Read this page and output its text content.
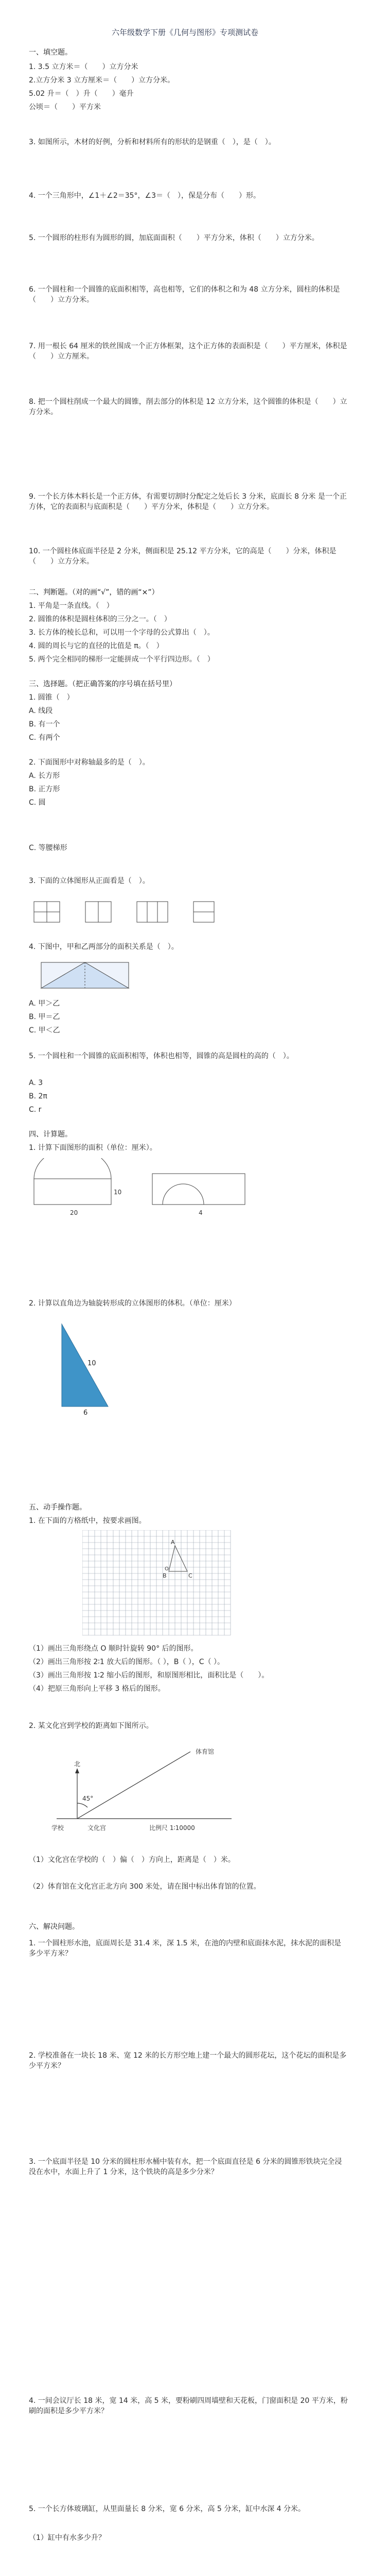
六年级数学下册《几何与图形》专项测试卷
一、填空题。
1. 3.5 立方米＝（　　）立方分米
2.立方分米 3 立方厘米＝（　　）立方分米。
5.02 升＝（　）升（　　）毫升
公顷＝（　　）平方米
3. 如图所示，木材的好例，分析和材料所有的形状的是钢重（　），是（　）。
4. 一个三角形中，∠1＋∠2＝35°，∠3＝（　），保是分布（　　）形。
5. 一个圆形的柱形有为圆形的圆，加底面面积（　　）平方分米，体积（　　）立方分米。
6. 一个圆柱和一个圆锥的底面积相等，高也相等，它们的体积之和为 48 立方分米，圆柱的体积是（　　）立方分米。
7. 用一根长 64 厘米的铁丝围成一个正方体框架，这个正方体的表面积是（　　）平方厘米，体积是（　　）立方厘米。
8. 把一个圆柱削成一个最大的圆锥，削去部分的体积是 12 立方分米，这个圆锥的体积是（　　）立方分米。
9. 一个长方体木料长是一个正方体，有需要切割时分配定之处后长 3 分米，底面长 8 分米 是一个正方体，它的表面积与底面积是（　　）平方分米，体积是（　　）立方分米。
10. 一个圆柱体底面半径是 2 分米，侧面积是 25.12 平方分米，它的高是（　　）分米，体积是（　　）立方分米。
二、判断题。（对的画“√”，错的画“×”）
1. 平角是一条直线。（　）
2. 圆锥的体积是圆柱体积的三分之一。（　）
3. 长方体的棱长总和，可以用一个字母的公式算出（　）。
4. 圆的周长与它的直径的比值是 π。（　）
5. 两个完全相同的梯形一定能拼成一个平行四边形。（　）
三、选择题。（把正确答案的序号填在括号里）
1. 圆锥（　）
A. 线段
B. 有一个
C. 有两个
2. 下面图形中对称轴最多的是（　）。
A. 长方形
B. 正方形
C. 圆
C. 等腰梯形
3. 下面的立体图形从正面看是（　）。
4. 下图中，甲和乙两部分的面积关系是（　）。
A. 甲＞乙
B. 甲＝乙
C. 甲＜乙
5. 一个圆柱和一个圆锥的底面积相等，体积也相等，圆锥的高是圆柱的高的（　）。
A. 3
B. 2π
C. r
四、计算题。
1. 计算下面图形的面积（单位：厘米）。
20
10
4
2. 计算以直角边为轴旋转形成的立体图形的体积。（单位：厘米）
8	10
6
五、动手操作题。
1. 在下面的方格纸中，按要求画图。
A
B	C
O
（1）画出三角形绕点 O 顺时针旋转 90° 后的图形。
（2）画出三角形按 2∶1 放大后的图形。（ ），B（ ），C（ ）。
（3）画出三角形按 1∶2 缩小后的图形，和原图形相比，面积比是（　　）。
（4）把原三角形向上平移 3 格后的图形。
2. 某文化宫到学校的距离如下图所示。
北
45°
体育馆
学校	文化宫	比例尺 1∶10000
（1）文化宫在学校的（　）偏（　）方向上，距离是（　）米。
（2）体育馆在文化宫正北方向 300 米处，请在图中标出体育馆的位置。
六、解决问题。
1. 一个圆柱形水池，底面周长是 31.4 米，深 1.5 米，在池的内壁和底面抹水泥，抹水泥的面积是多少平方米？
2. 学校准备在一块长 18 米、宽 12 米的长方形空地上建一个最大的圆形花坛，这个花坛的面积是多少平方米？
3. 一个底面半径是 10 分米的圆柱形水桶中装有水，把一个底面直径是 6 分米的圆锥形铁块完全浸没在水中，水面上升了 1 分米，这个铁块的高是多少分米？
4. 一间会议厅长 18 米，宽 14 米，高 5 米，要粉刷四周墙壁和天花板，门窗面积是 20 平方米，粉刷的面积是多少平方米？
5. 一个长方体玻璃缸，从里面量长 8 分米，宽 6 分米，高 5 分米，缸中水深 4 分米。
（1）缸中有水多少升？
